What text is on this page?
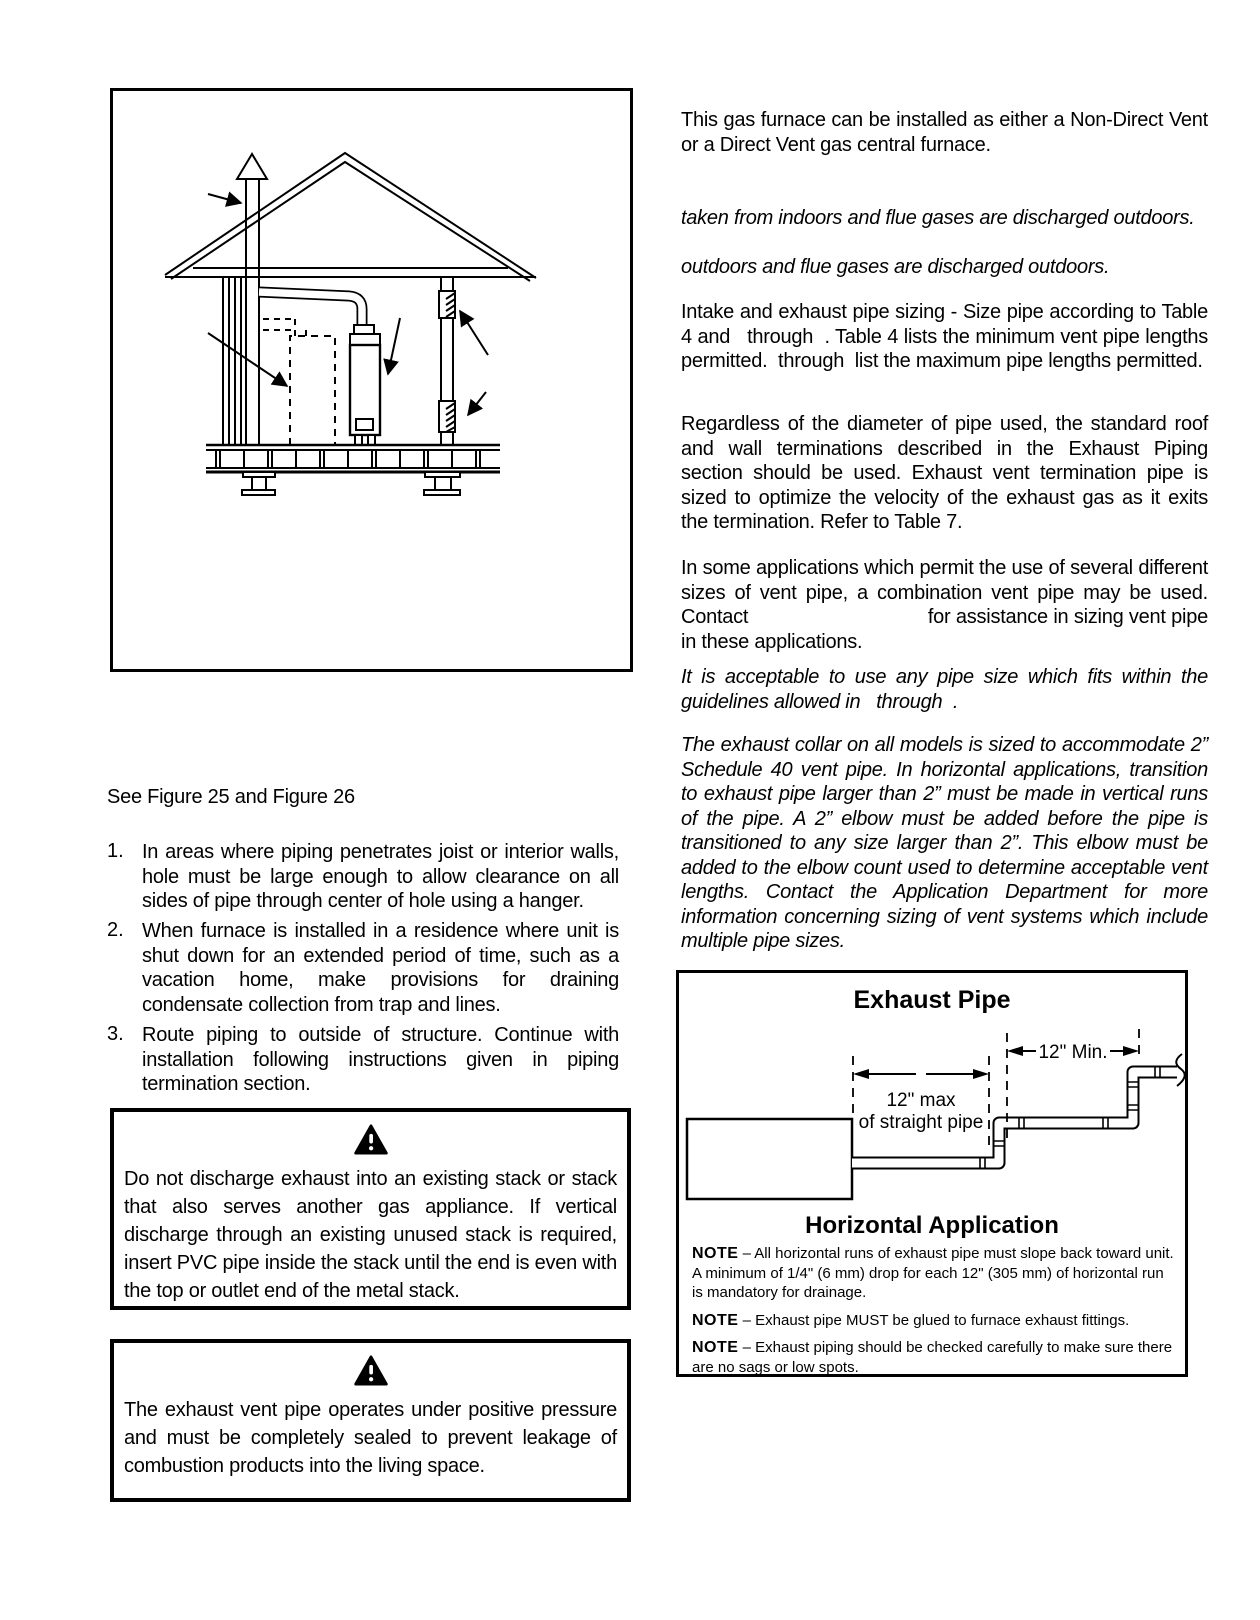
See Figure 25 and Figure 26
1. In areas where piping penetrates joist or interior walls, hole must be large enough to allow clearance on all sides of pipe through center of hole using a hanger.
2. When furnace is installed in a residence where unit is shut down for an extended period of time, such as a vacation home, make provisions for draining condensate collection from trap and lines.
3. Route piping to outside of structure. Continue with installation following instructions given in piping termination section.

Do not discharge exhaust into an existing stack or stack that also serves another gas appliance. If vertical discharge through an existing unused stack is required, insert PVC pipe inside the stack until the end is even with the top or outlet end of the metal stack.

The exhaust vent pipe operates under positive pressure and must be completely sealed to prevent leakage of combustion products into the living space.

This gas furnace can be installed as either a Non-Direct Vent or a Direct Vent gas central furnace.

taken from indoors and flue gases are discharged outdoors.

outdoors and flue gases are discharged outdoors.

Intake and exhaust pipe sizing - Size pipe according to Table 4 and   through  . Table 4 lists the minimum vent pipe lengths permitted.  through  list the maximum pipe lengths permitted.

Regardless of the diameter of pipe used, the standard roof and wall terminations described in the Exhaust Piping section should be used. Exhaust vent termination pipe is sized to optimize the velocity of the exhaust gas as it exits the termination. Refer to Table 7.

In some applications which permit the use of several different sizes of vent pipe, a combination vent pipe may be used. Contact                                 for assistance in sizing vent pipe in these applications.

It is acceptable to use any pipe size which fits within the guidelines allowed in   through  .

The exhaust collar on all models is sized to accommodate 2” Schedule 40 vent pipe. In horizontal applications, transition to exhaust pipe larger than 2” must be made in vertical runs of the pipe. A 2” elbow must be added before the pipe is transitioned to any size larger than 2”. This elbow must be added to the elbow count used to determine acceptable vent lengths. Contact the Application Department for more information concerning sizing of vent systems which include multiple pipe sizes.

Exhaust Pipe

12" max
of straight pipe
12" Min.

Horizontal Application

NOTE – All horizontal runs of exhaust pipe must slope back toward unit. A minimum of 1/4" (6 mm) drop for each 12" (305 mm) of horizontal run is mandatory for drainage.

NOTE – Exhaust pipe MUST be glued to furnace exhaust fittings.

NOTE – Exhaust piping should be checked carefully to make sure there are no sags or low spots.
